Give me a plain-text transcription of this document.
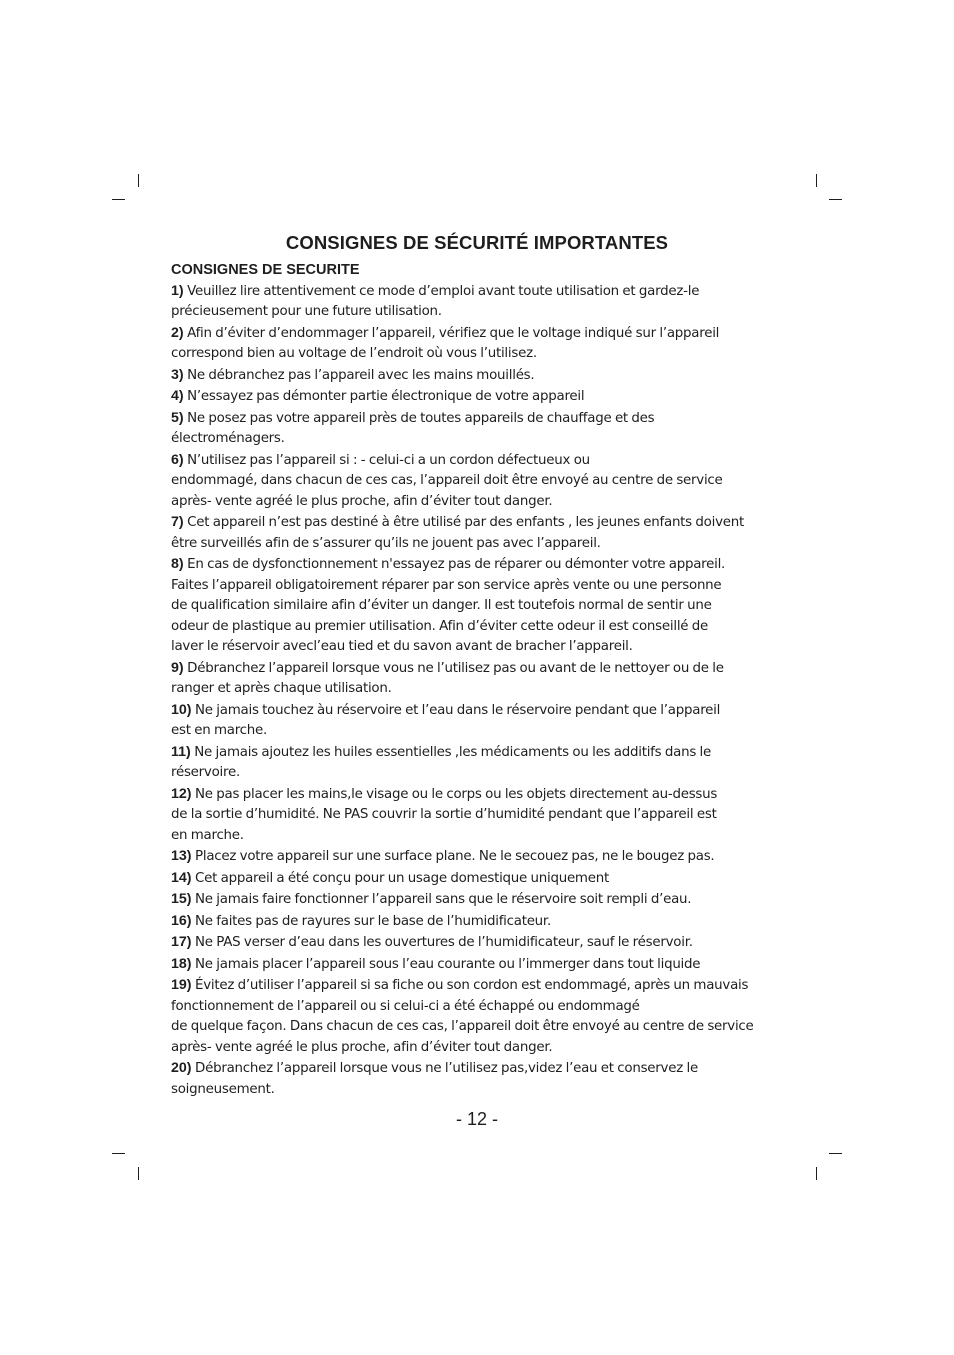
CONSIGNES DE SÉCURITÉ IMPORTANTES

CONSIGNES DE SECURITE

1) Veuillez lire attentivement ce mode d’emploi avant toute utilisation et gardez-le
précieusement pour une future utilisation.

2) Afin d’éviter d’endommager l’appareil, vérifiez que le voltage indiqué sur l’appareil
correspond bien au voltage de l’endroit où vous l’utilisez.

3) Ne débranchez pas l’appareil avec les mains mouillés.

4) N’essayez pas démonter partie électronique de votre appareil

5) Ne posez pas votre appareil près de toutes appareils de chauffage et des
électroménagers.

6) N’utilisez pas l’appareil si : - celui-ci a un cordon défectueux ou
endommagé, dans chacun de ces cas, l’appareil doit être envoyé au centre de service
après- vente agréé le plus proche, afin d’éviter tout danger.

7) Cet appareil n’est pas destiné à être utilisé par des enfants , les jeunes enfants doivent
être surveillés afin de s’assurer qu’ils ne jouent pas avec l’appareil.

8) En cas de dysfonctionnement n'essayez pas de réparer ou démonter votre appareil.
Faites l’appareil obligatoirement réparer par son service après vente ou une personne
de qualification similaire afin d’éviter un danger. Il est toutefois normal de sentir une
odeur de plastique au premier utilisation. Afin d’éviter cette odeur il est conseillé de
laver le réservoir avecl’eau tied et du savon avant de bracher l’appareil.

9) Débranchez l’appareil lorsque vous ne l’utilisez pas ou avant de le nettoyer ou de le
ranger et après chaque utilisation.

10) Ne jamais touchez àu réservoire et l’eau dans le réservoire pendant que l’appareil
est en marche.

11) Ne jamais ajoutez les huiles essentielles ,les médicaments ou les additifs dans le
réservoire.

12) Ne pas placer les mains,le visage ou le corps ou les objets directement au-dessus
de la sortie d’humidité. Ne PAS couvrir la sortie d’humidité pendant que l’appareil est
en marche.

13) Placez votre appareil sur une surface plane. Ne le secouez pas, ne le bougez pas.

14) Cet appareil a été conçu pour un usage domestique uniquement

15) Ne jamais faire fonctionner l’appareil sans que le réservoire soit rempli d’eau.

16) Ne faites pas de rayures sur le base de l’humidificateur.

17) Ne PAS verser d’eau dans les ouvertures de l’humidificateur, sauf le réservoir.

18) Ne jamais placer l’appareil sous l’eau courante ou l’immerger dans tout liquide

19) Évitez d’utiliser l’appareil si sa fiche ou son cordon est endommagé, après un mauvais
fonctionnement de l’appareil ou si celui-ci a été échappé ou endommagé
de quelque façon. Dans chacun de ces cas, l’appareil doit être envoyé au centre de service
après- vente agréé le plus proche, afin d’éviter tout danger.

20) Débranchez l’appareil lorsque vous ne l’utilisez pas,videz l’eau et conservez le
soigneusement.

- 12 -
